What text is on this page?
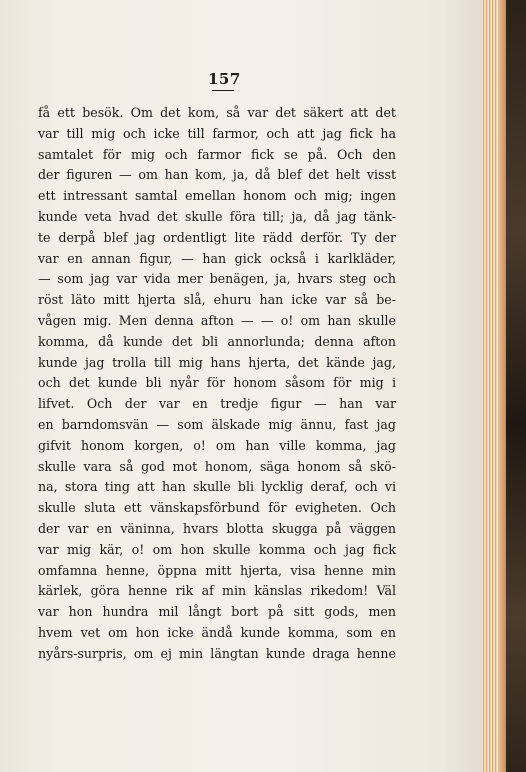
157
få ett besök. Om det kom, så var det säkert att det
var till mig och icke till farmor, och att jag fick ha
samtalet för mig och farmor fick se på. Och den
der figuren — om han kom, ja, då blef det helt visst
ett intressant samtal emellan honom och mig; ingen
kunde veta hvad det skulle föra till; ja, då jag tänk-
te derpå blef jag ordentligt lite rädd derför. Ty der
var en annan figur, — han gick också i karlkläder,
— som jag var vida mer benägen, ja, hvars steg och
röst läto mitt hjerta slå, ehuru han icke var så be-
vågen mig. Men denna afton — — o! om han skulle
komma, då kunde det bli annorlunda; denna afton
kunde jag trolla till mig hans hjerta, det kände jag,
och det kunde bli nyår för honom såsom för mig i
lifvet. Och der var en tredje figur — han var
en barndomsvän — som älskade mig ännu, fast jag
gifvit honom korgen, o! om han ville komma, jag
skulle vara så god mot honom, säga honom så skö-
na, stora ting att han skulle bli lycklig deraf, och vi
skulle sluta ett vänskapsförbund för evigheten. Och
der var en väninna, hvars blotta skugga på väggen
var mig kär, o! om hon skulle komma och jag fick
omfamna henne, öppna mitt hjerta, visa henne min
kärlek, göra henne rik af min känslas rikedom! Väl
var hon hundra mil långt bort på sitt gods, men
hvem vet om hon icke ändå kunde komma, som en
nyårs-surpris, om ej min längtan kunde draga henne
